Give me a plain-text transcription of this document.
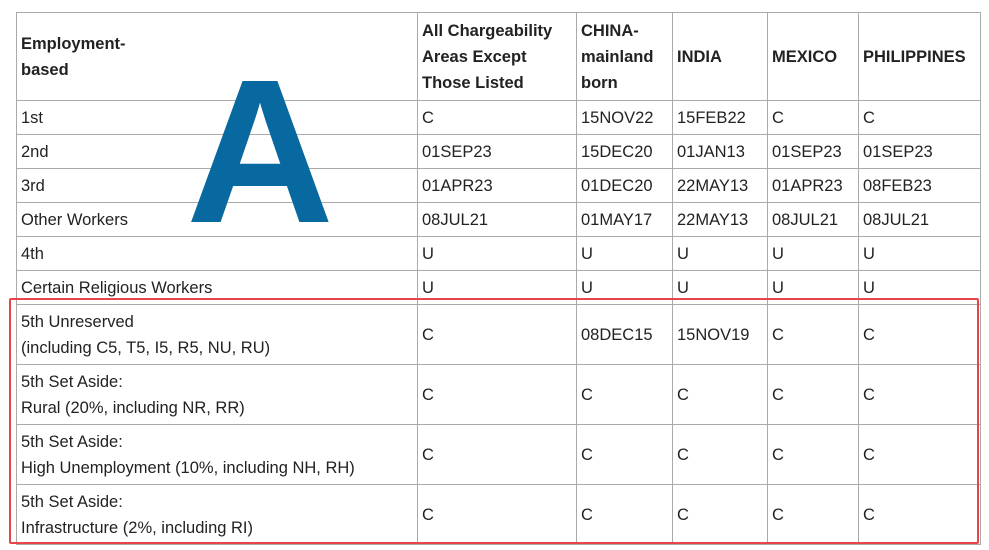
Employment-based	All Chargeability Areas Except Those Listed	CHINA-mainland born	INDIA	MEXICO	PHILIPPINES
1st	C	15NOV22	15FEB22	C	C
2nd	01SEP23	15DEC20	01JAN13	01SEP23	01SEP23
3rd	01APR23	01DEC20	22MAY13	01APR23	08FEB23
Other Workers	08JUL21	01MAY17	22MAY13	08JUL21	08JUL21
4th	U	U	U	U	U
Certain Religious Workers	U	U	U	U	U
5th Unreserved
(including C5, T5, I5, R5, NU, RU)	C	08DEC15	15NOV19	C	C
5th Set Aside:
Rural (20%, including NR, RR)	C	C	C	C	C
5th Set Aside:
High Unemployment (10%, including NH, RH)	C	C	C	C	C
5th Set Aside:
Infrastructure (2%, including RI)	C	C	C	C	C
A
